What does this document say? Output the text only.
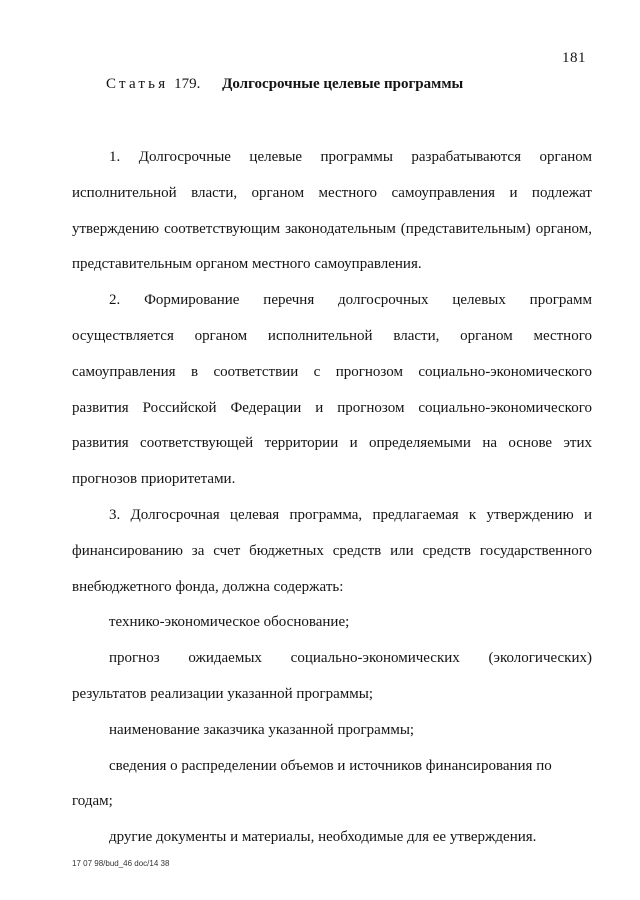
181
Статья 179. Долгосрочные целевые программы

1. Долгосрочные целевые программы разрабатываются органом исполнительной власти, органом местного самоуправления и подлежат утверждению соответствующим законодательным (представительным) органом, представительным органом местного самоуправления.

2. Формирование перечня долгосрочных целевых программ осуществляется органом исполнительной власти, органом местного самоуправления в соответствии с прогнозом социально-экономического развития Российской Федерации и прогнозом социально-экономического развития соответствующей территории и определяемыми на основе этих прогнозов приоритетами.

3. Долгосрочная целевая программа, предлагаемая к утверждению и финансированию за счет бюджетных средств или средств государственного внебюджетного фонда, должна содержать:

технико-экономическое обоснование;

прогноз ожидаемых социально-экономических (экологических) результатов реализации указанной программы;

наименование заказчика указанной программы;

сведения о распределении объемов и источников финансирования по годам;

другие документы и материалы, необходимые для ее утверждения.

17 07 98/bud_46 doc/14 38
